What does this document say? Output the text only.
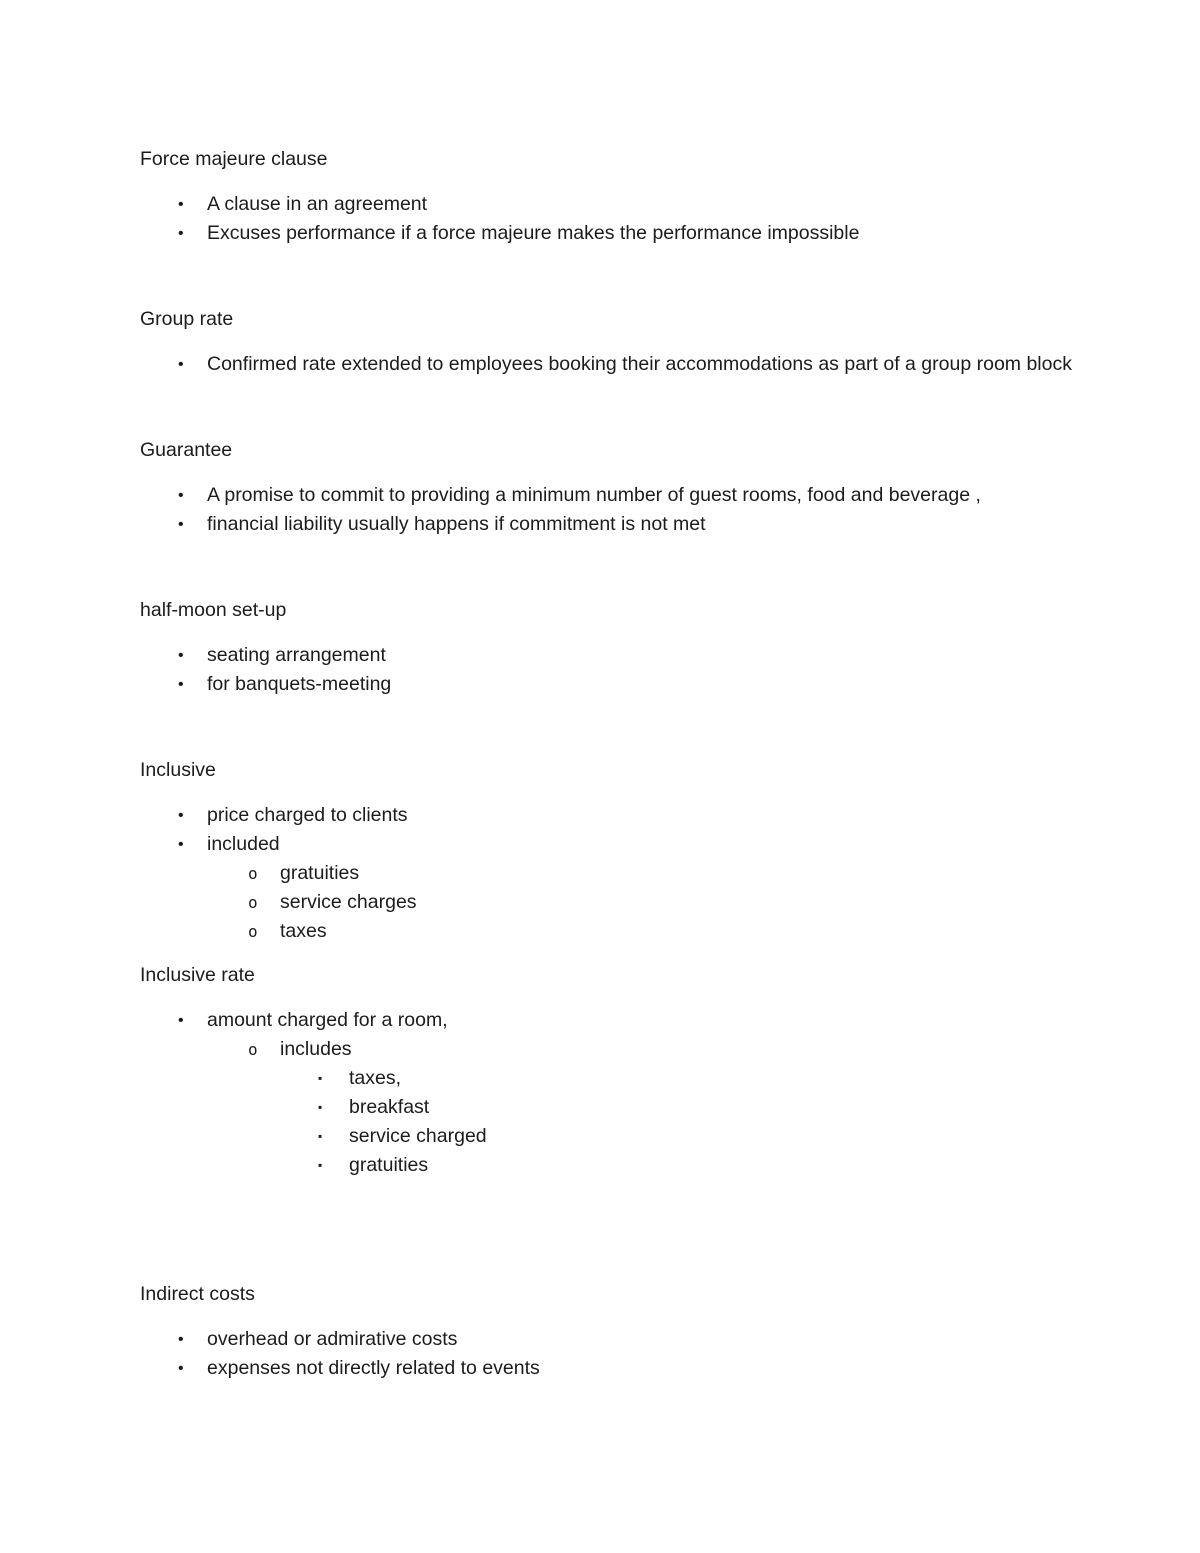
Force majeure clause
•	A clause in an agreement
•	Excuses performance if a force majeure makes the performance impossible
Group rate
•	Confirmed rate extended to employees booking their accommodations as part of a group room block
Guarantee
•	A promise to commit to providing a minimum number of guest rooms, food and beverage ,
•	financial liability usually happens if commitment is not met
half-moon set-up
•	seating arrangement
•	for banquets-meeting
Inclusive
•	price charged to clients
•	included
o	gratuities
o	service charges
o	taxes
Inclusive rate
•	amount charged for a room,
o	includes
▪	taxes,
▪	breakfast
▪	service charged
▪	gratuities
Indirect costs
•	overhead or admirative costs
•	expenses not directly related to events
